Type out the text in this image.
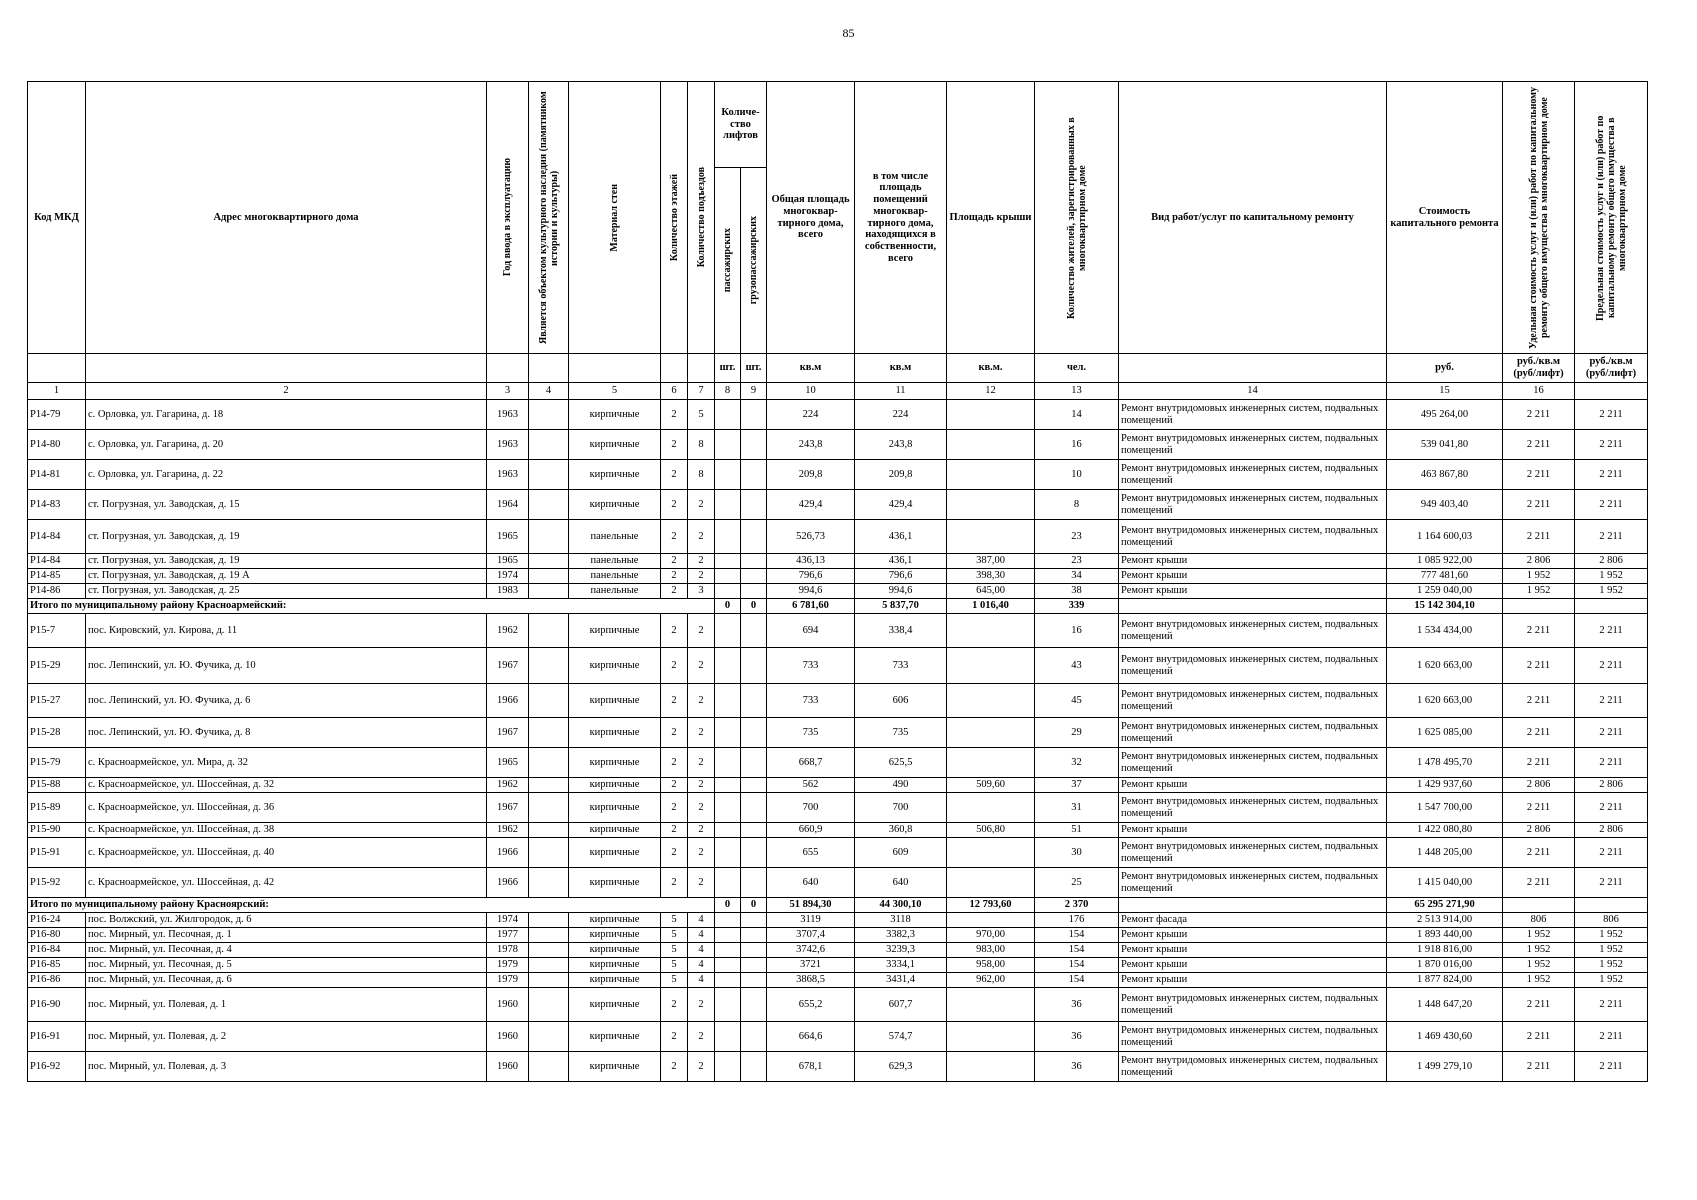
85
Код МКД	Адрес многоквартирного дома	Год ввода в эксплуатацию	Является объектом культурного наследия (памятником истории и культуры)	Материал стен	Количество этажей	Количество подъездов	Количе-ство лифтов		Общая площадь многоквар-тирного дома, всего	в том числе площадь помещений многоквар-тирного дома, находящихся в собственности, всего	Площадь крыши	Количество жителей, зарегистрированных в многоквартирном доме	Вид работ/услуг по капитальному ремонту	Стоимость капитального ремонта	Удельная стоимость услуг и (или) работ по капитальному ремонту общего имущества в многоквартирном доме	Предельная стоимость услуг и (или) работ по капитальному ремонту общего имущества в многоквартирном доме

							пассажирских	грузопассажирских								

							шт.	шт.	кв.м	кв.м	кв.м.	чел.		руб.	руб./кв.м (руб/лифт)	руб./кв.м (руб/лифт)
1	2	3	4	5	6	7	8	9	10	11	12	13	14	15	16	
Р14-79	с. Орловка, ул. Гагарина, д. 18	1963		кирпичные	2	5			224	224		14	Ремонт внутридомовых инженерных систем, подвальных помещений	495 264,00	2 211	2 211
Р14-80	с. Орловка, ул. Гагарина, д. 20	1963		кирпичные	2	8			243,8	243,8		16	Ремонт внутридомовых инженерных систем, подвальных помещений	539 041,80	2 211	2 211
Р14-81	с. Орловка, ул. Гагарина, д. 22	1963		кирпичные	2	8			209,8	209,8		10	Ремонт внутридомовых инженерных систем, подвальных помещений	463 867,80	2 211	2 211
Р14-83	ст. Погрузная, ул. Заводская, д. 15	1964		кирпичные	2	2			429,4	429,4		8	Ремонт внутридомовых инженерных систем, подвальных помещений	949 403,40	2 211	2 211
Р14-84	ст. Погрузная, ул. Заводская, д. 19	1965		панельные	2	2			526,73	436,1		23	Ремонт внутридомовых инженерных систем, подвальных помещений	1 164 600,03	2 211	2 211
Р14-84	ст. Погрузная, ул. Заводская, д. 19	1965		панельные	2	2			436,13	436,1	387,00	23	Ремонт крыши	1 085 922,00	2 806	2 806
Р14-85	ст. Погрузная, ул. Заводская, д. 19 А	1974		панельные	2	2			796,6	796,6	398,30	34	Ремонт крыши	777 481,60	1 952	1 952
Р14-86	ст. Погрузная, ул. Заводская, д. 25	1983		панельные	2	3			994,6	994,6	645,00	38	Ремонт крыши	1 259 040,00	1 952	1 952
Итого по муниципальному району Красноармейский:							0	0	6 781,60	5 837,70	1 016,40	339		15 142 304,10		
Р15-7	пос. Кировский, ул. Кирова, д. 11	1962		кирпичные	2	2			694	338,4		16	Ремонт внутридомовых инженерных систем, подвальных помещений	1 534 434,00	2 211	2 211
Р15-29	пос. Лепинский, ул. Ю. Фучика, д. 10	1967		кирпичные	2	2			733	733		43	Ремонт внутридомовых инженерных систем, подвальных помещений	1 620 663,00	2 211	2 211
Р15-27	пос. Лепинский, ул. Ю. Фучика, д. 6	1966		кирпичные	2	2			733	606		45	Ремонт внутридомовых инженерных систем, подвальных помещений	1 620 663,00	2 211	2 211
Р15-28	пос. Лепинский, ул. Ю. Фучика, д. 8	1967		кирпичные	2	2			735	735		29	Ремонт внутридомовых инженерных систем, подвальных помещений	1 625 085,00	2 211	2 211
Р15-79	с. Красноармейское, ул. Мира, д. 32	1965		кирпичные	2	2			668,7	625,5		32	Ремонт внутридомовых инженерных систем, подвальных помещений	1 478 495,70	2 211	2 211
Р15-88	с. Красноармейское, ул. Шоссейная, д. 32	1962		кирпичные	2	2			562	490	509,60	37	Ремонт крыши	1 429 937,60	2 806	2 806
Р15-89	с. Красноармейское, ул. Шоссейная, д. 36	1967		кирпичные	2	2			700	700		31	Ремонт внутридомовых инженерных систем, подвальных помещений	1 547 700,00	2 211	2 211
Р15-90	с. Красноармейское, ул. Шоссейная, д. 38	1962		кирпичные	2	2			660,9	360,8	506,80	51	Ремонт крыши	1 422 080,80	2 806	2 806
Р15-91	с. Красноармейское, ул. Шоссейная, д. 40	1966		кирпичные	2	2			655	609		30	Ремонт внутридомовых инженерных систем, подвальных помещений	1 448 205,00	2 211	2 211
Р15-92	с. Красноармейское, ул. Шоссейная, д. 42	1966		кирпичные	2	2			640	640		25	Ремонт внутридомовых инженерных систем, подвальных помещений	1 415 040,00	2 211	2 211
Итого по муниципальному району Красноярский:							0	0	51 894,30	44 300,10	12 793,60	2 370		65 295 271,90		
Р16-24	пос. Волжский, ул. Жилгородок, д. 6	1974		кирпичные	5	4			3119	3118		176	Ремонт фасада	2 513 914,00	806	806
Р16-80	пос. Мирный, ул. Песочная, д. 1	1977		кирпичные	5	4			3707,4	3382,3	970,00	154	Ремонт крыши	1 893 440,00	1 952	1 952
Р16-84	пос. Мирный, ул. Песочная, д. 4	1978		кирпичные	5	4			3742,6	3239,3	983,00	154	Ремонт крыши	1 918 816,00	1 952	1 952
Р16-85	пос. Мирный, ул. Песочная, д. 5	1979		кирпичные	5	4			3721	3334,1	958,00	154	Ремонт крыши	1 870 016,00	1 952	1 952
Р16-86	пос. Мирный, ул. Песочная, д. 6	1979		кирпичные	5	4			3868,5	3431,4	962,00	154	Ремонт крыши	1 877 824,00	1 952	1 952
Р16-90	пос. Мирный, ул. Полевая, д. 1	1960		кирпичные	2	2			655,2	607,7		36	Ремонт внутридомовых инженерных систем, подвальных помещений	1 448 647,20	2 211	2 211
Р16-91	пос. Мирный, ул. Полевая, д. 2	1960		кирпичные	2	2			664,6	574,7		36	Ремонт внутридомовых инженерных систем, подвальных помещений	1 469 430,60	2 211	2 211
Р16-92	пос. Мирный, ул. Полевая, д. 3	1960		кирпичные	2	2			678,1	629,3		36	Ремонт внутридомовых инженерных систем, подвальных помещений	1 499 279,10	2 211	2 211
